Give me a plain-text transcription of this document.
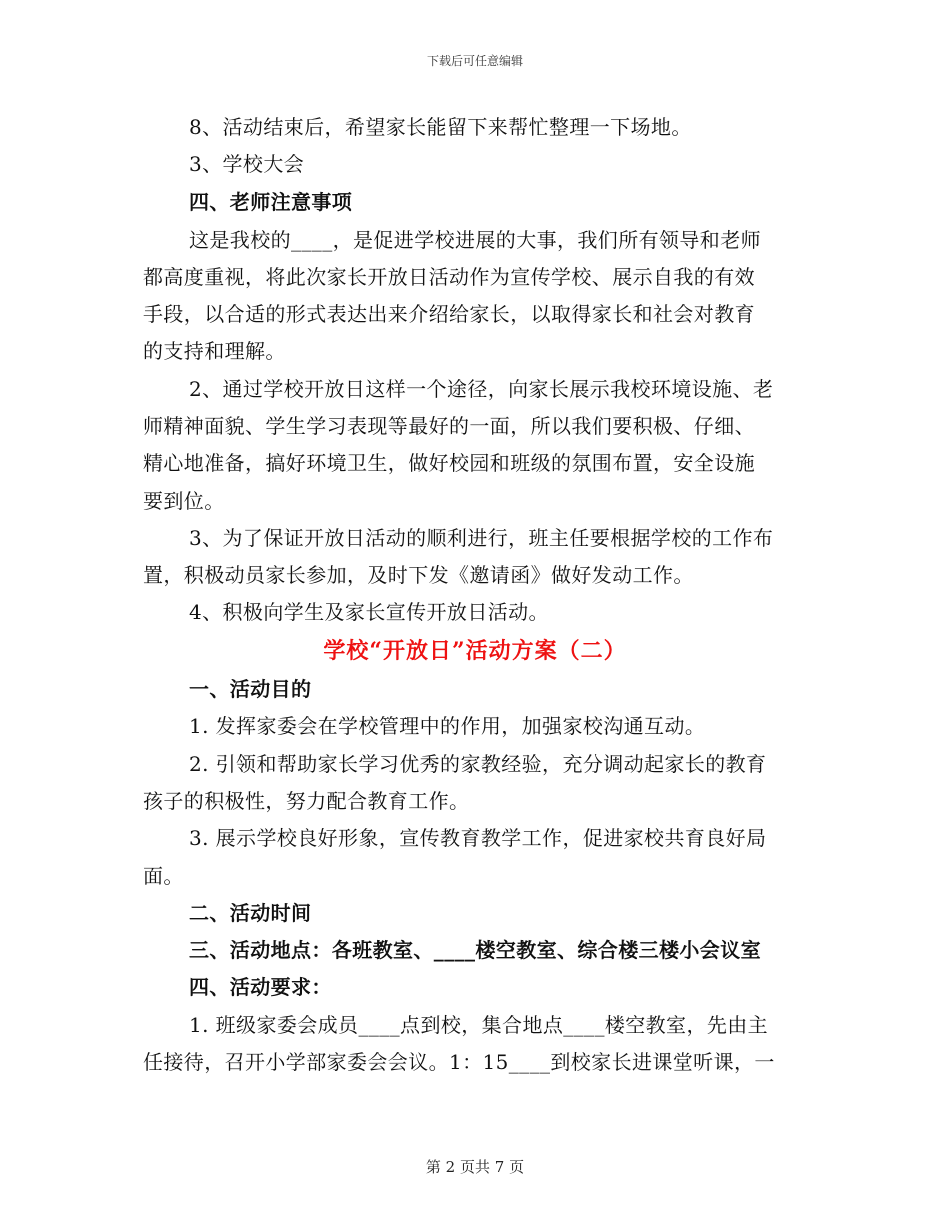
下载后可任意编辑
8、活动结束后，希望家长能留下来帮忙整理一下场地。
3、学校大会
四、老师注意事项
这是我校的____，是促进学校进展的大事，我们所有领导和老师
都高度重视，将此次家长开放日活动作为宣传学校、展示自我的有效
手段，以合适的形式表达出来介绍给家长，以取得家长和社会对教育
的支持和理解。
2、通过学校开放日这样一个途径，向家长展示我校环境设施、老
师精神面貌、学生学习表现等最好的一面，所以我们要积极、仔细、
精心地准备，搞好环境卫生，做好校园和班级的氛围布置，安全设施
要到位。
3、为了保证开放日活动的顺利进行，班主任要根据学校的工作布
置，积极动员家长参加，及时下发《邀请函》做好发动工作。
4、积极向学生及家长宣传开放日活动。
学校“开放日”活动方案（二）
一、活动目的
1. 发挥家委会在学校管理中的作用，加强家校沟通互动。
2. 引领和帮助家长学习优秀的家教经验，充分调动起家长的教育
孩子的积极性，努力配合教育工作。
3. 展示学校良好形象，宣传教育教学工作，促进家校共育良好局
面。
二、活动时间
三、活动地点：各班教室、____楼空教室、综合楼三楼小会议室
四、活动要求：
1. 班级家委会成员____点到校，集合地点____楼空教室，先由主
任接待，召开小学部家委会会议。1：15____到校家长进课堂听课，一
第 2 页共 7 页
